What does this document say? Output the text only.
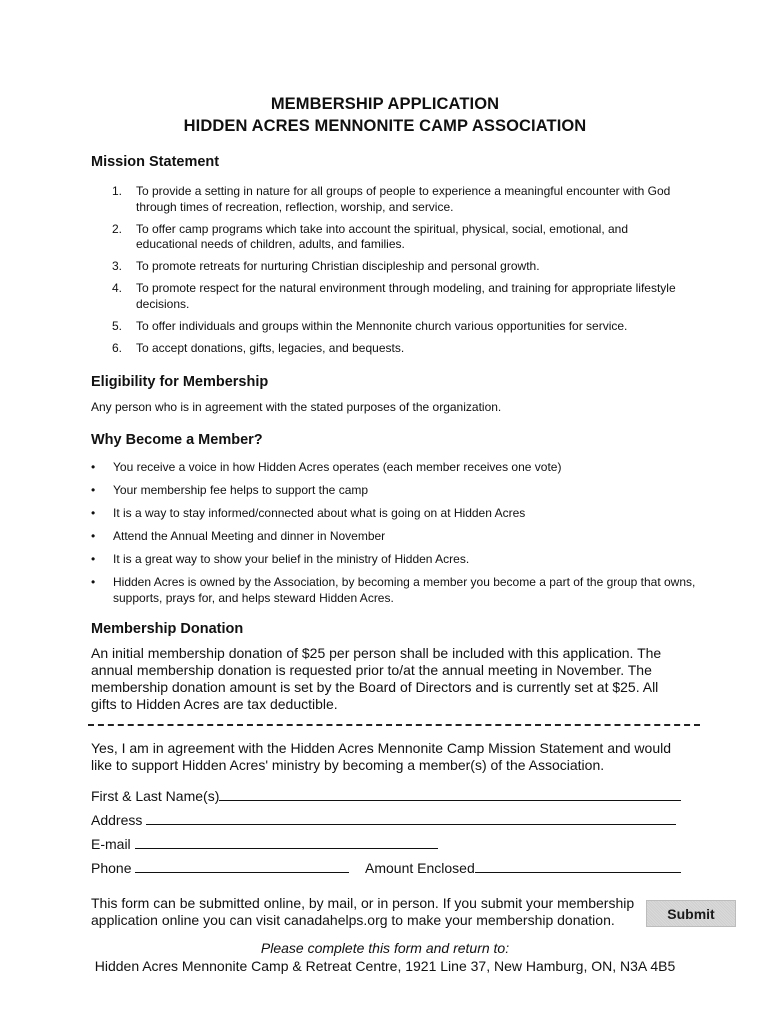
MEMBERSHIP APPLICATION
HIDDEN ACRES MENNONITE CAMP ASSOCIATION
Mission Statement
1. To provide a setting in nature for all groups of people to experience a meaningful encounter with God through times of recreation, reflection, worship, and service.
2. To offer camp programs which take into account the spiritual, physical, social, emotional, and educational needs of children, adults, and families.
3. To promote retreats for nurturing Christian discipleship and personal growth.
4. To promote respect for the natural environment through modeling, and training for appropriate lifestyle decisions.
5. To offer individuals and groups within the Mennonite church various opportunities for service.
6. To accept donations, gifts, legacies, and bequests.
Eligibility for Membership
Any person who is in agreement with the stated purposes of the organization.
Why Become a Member?
• You receive a voice in how Hidden Acres operates (each member receives one vote)
• Your membership fee helps to support the camp
• It is a way to stay informed/connected about what is going on at Hidden Acres
• Attend the Annual Meeting and dinner in November
• It is a great way to show your belief in the ministry of Hidden Acres.
• Hidden Acres is owned by the Association, by becoming a member you become a part of the group that owns, supports, prays for, and helps steward Hidden Acres.
Membership Donation
An initial membership donation of $25 per person shall be included with this application. The annual membership donation is requested prior to/at the annual meeting in November. The membership donation amount is set by the Board of Directors and is currently set at $25. All gifts to Hidden Acres are tax deductible.
Yes, I am in agreement with the Hidden Acres Mennonite Camp Mission Statement and would like to support Hidden Acres' ministry by becoming a member(s) of the Association.
First & Last Name(s)
Address
E-mail
Phone	Amount Enclosed
This form can be submitted online, by mail, or in person. If you submit your membership application online you can visit canadahelps.org to make your membership donation.	Submit
Please complete this form and return to:
Hidden Acres Mennonite Camp & Retreat Centre, 1921 Line 37, New Hamburg, ON, N3A 4B5
